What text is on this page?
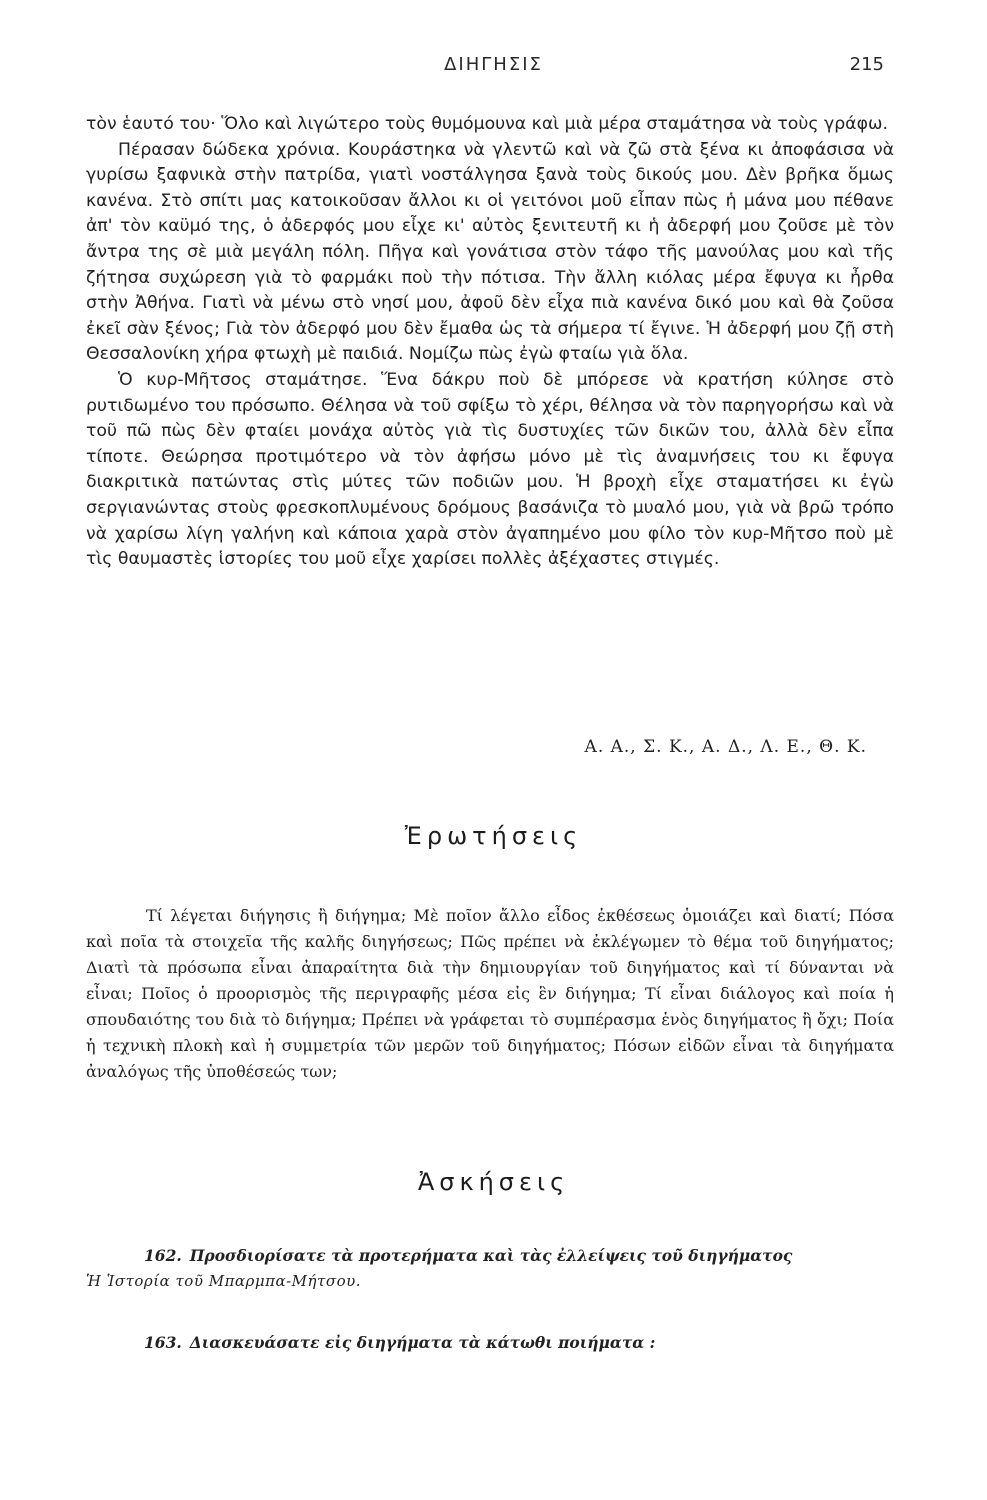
ΔΙΗΓΗΣΙΣ	215

τὸν ἑαυτό του· Ὅλο καὶ λιγώτερο τοὺς θυμόμουνα καὶ μιὰ μέρα σταμάτησα νὰ τοὺς γράφω.

Πέρασαν δώδεκα χρόνια. Κουράστηκα νὰ γλεντῶ καὶ νὰ ζῶ στὰ ξένα κι ἀποφάσισα νὰ γυρίσω ξαφνικὰ στὴν πατρίδα, γιατὶ νοστάλγησα ξανὰ τοὺς δικούς μου. Δὲν βρῆκα ὅμως κανένα. Στὸ σπίτι μας κατοικοῦσαν ἄλλοι κι οἱ γειτόνοι μοῦ εἶπαν πὼς ἡ μάνα μου πέθανε ἀπ' τὸν καϋμό της, ὁ ἀδερφός μου εἶχε κι' αὐτὸς ξενιτευτῆ κι ἡ ἀδερφή μου ζοῦσε μὲ τὸν ἄντρα της σὲ μιὰ μεγάλη πόλη. Πῆγα καὶ γονάτισα στὸν τάφο τῆς μανούλας μου καὶ τῆς ζήτησα συχώρεση γιὰ τὸ φαρμάκι ποὺ τὴν πότισα. Τὴν ἄλλη κιόλας μέρα ἔφυγα κι ἦρθα στὴν Ἀθήνα. Γιατὶ νὰ μένω στὸ νησί μου, ἀφοῦ δὲν εἶχα πιὰ κανένα δικό μου καὶ θὰ ζοῦσα ἐκεῖ σὰν ξένος; Γιὰ τὸν ἀδερφό μου δὲν ἔμαθα ὡς τὰ σήμερα τί ἔγινε. Ἡ ἀδερφή μου ζῇ στὴ Θεσσαλονίκη χήρα φτωχὴ μὲ παιδιά. Νομίζω πὼς ἐγὼ φταίω γιὰ ὅλα.

Ὁ κυρ-Μῆτσος σταμάτησε. Ἕνα δάκρυ ποὺ δὲ μπόρεσε νὰ κρατήση κύλησε στὸ ρυτιδωμένο του πρόσωπο. Θέλησα νὰ τοῦ σφίξω τὸ χέρι, θέλησα νὰ τὸν παρηγορήσω καὶ νὰ τοῦ πῶ πὼς δὲν φταίει μονάχα αὐτὸς γιὰ τὶς δυστυχίες τῶν δικῶν του, ἀλλὰ δὲν εἶπα τίποτε. Θεώρησα προτιμότερο νὰ τὸν ἀφήσω μόνο μὲ τὶς ἀναμνήσεις του κι ἔφυγα διακριτικὰ πατώντας στὶς μύτες τῶν ποδιῶν μου. Ἡ βροχὴ εἶχε σταματήσει κι ἐγὼ σεργιανώντας στοὺς φρεσκοπλυμένους δρόμους βασάνιζα τὸ μυαλό μου, γιὰ νὰ βρῶ τρόπο νὰ χαρίσω λίγη γαλήνη καὶ κάποια χαρὰ στὸν ἀγαπημένο μου φίλο τὸν κυρ-Μῆτσο ποὺ μὲ τὶς θαυμαστὲς ἱστορίες του μοῦ εἶχε χαρίσει πολλὲς ἀξέχαστες στιγμές.

Α. Α., Σ. Κ., Α. Δ., Λ. Ε., Θ. Κ.
Ἐρωτήσεις

Τί λέγεται διήγησις ἢ διήγημα; Μὲ ποῖον ἄλλο εἶδος ἐκθέσεως ὁμοιάζει καὶ διατί; Πόσα καὶ ποῖα τὰ στοιχεῖα τῆς καλῆς διηγήσεως; Πῶς πρέπει νὰ ἐκλέγωμεν τὸ θέμα τοῦ διηγήματος; Διατὶ τὰ πρόσωπα εἶναι ἀπαραίτητα διὰ τὴν δημιουργίαν τοῦ διηγήματος καὶ τί δύνανται νὰ εἶναι; Ποῖος ὁ προορισμὸς τῆς περιγραφῆς μέσα εἰς ἓν διήγημα; Τί εἶναι διάλογος καὶ ποία ἡ σπουδαιότης του διὰ τὸ διήγημα; Πρέπει νὰ γράφεται τὸ συμπέρασμα ἑνὸς διηγήματος ἢ ὄχι; Ποία ἡ τεχνικὴ πλοκὴ καὶ ἡ συμμετρία τῶν μερῶν τοῦ διηγήματος; Πόσων εἰδῶν εἶναι τὰ διηγήματα ἀναλόγως τῆς ὑποθέσεώς των;

Ἀσκήσεις
162. Προσδιορίσατε τὰ προτερήματα καὶ τὰς ἐλλείψεις τοῦ διηγήματος
Ἡ Ἱστορία τοῦ Μπαρμπα-Μήτσου.
163. Διασκευάσατε εἰς διηγήματα τὰ κάτωθι ποιήματα :
